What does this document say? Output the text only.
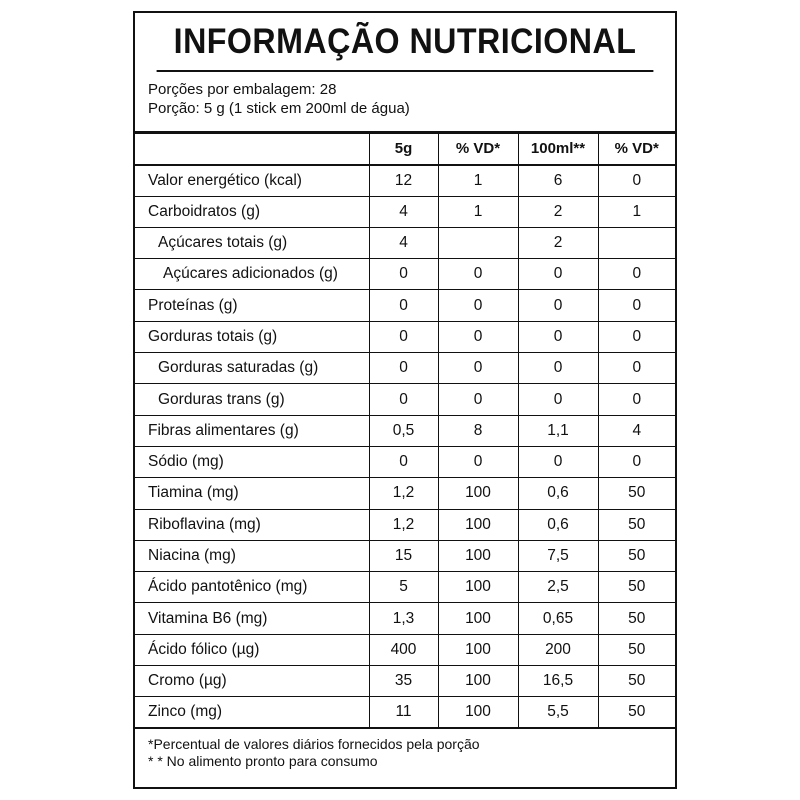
INFORMAÇÃO NUTRICIONAL
Porções por embalagem: 28
Porção: 5 g (1 stick em 200ml de água)
	5g	% VD*	100ml**	% VD*
Valor energético (kcal)	12	1	6	0
Carboidratos (g)	4	1	2	1
Açúcares totais (g)	4		2	
Açúcares adicionados (g)	0	0	0	0
Proteínas (g)	0	0	0	0
Gorduras totais (g)	0	0	0	0
Gorduras saturadas (g)	0	0	0	0
Gorduras trans (g)	0	0	0	0
Fibras alimentares (g)	0,5	8	1,1	4
Sódio (mg)	0	0	0	0
Tiamina (mg)	1,2	100	0,6	50
Riboflavina (mg)	1,2	100	0,6	50
Niacina (mg)	15	100	7,5	50
Ácido pantotênico (mg)	5	100	2,5	50
Vitamina B6 (mg)	1,3	100	0,65	50
Ácido fólico (µg)	400	100	200	50
Cromo (µg)	35	100	16,5	50
Zinco (mg)	11	100	5,5	50
*Percentual de valores diários fornecidos pela porção
* * No alimento pronto para consumo
